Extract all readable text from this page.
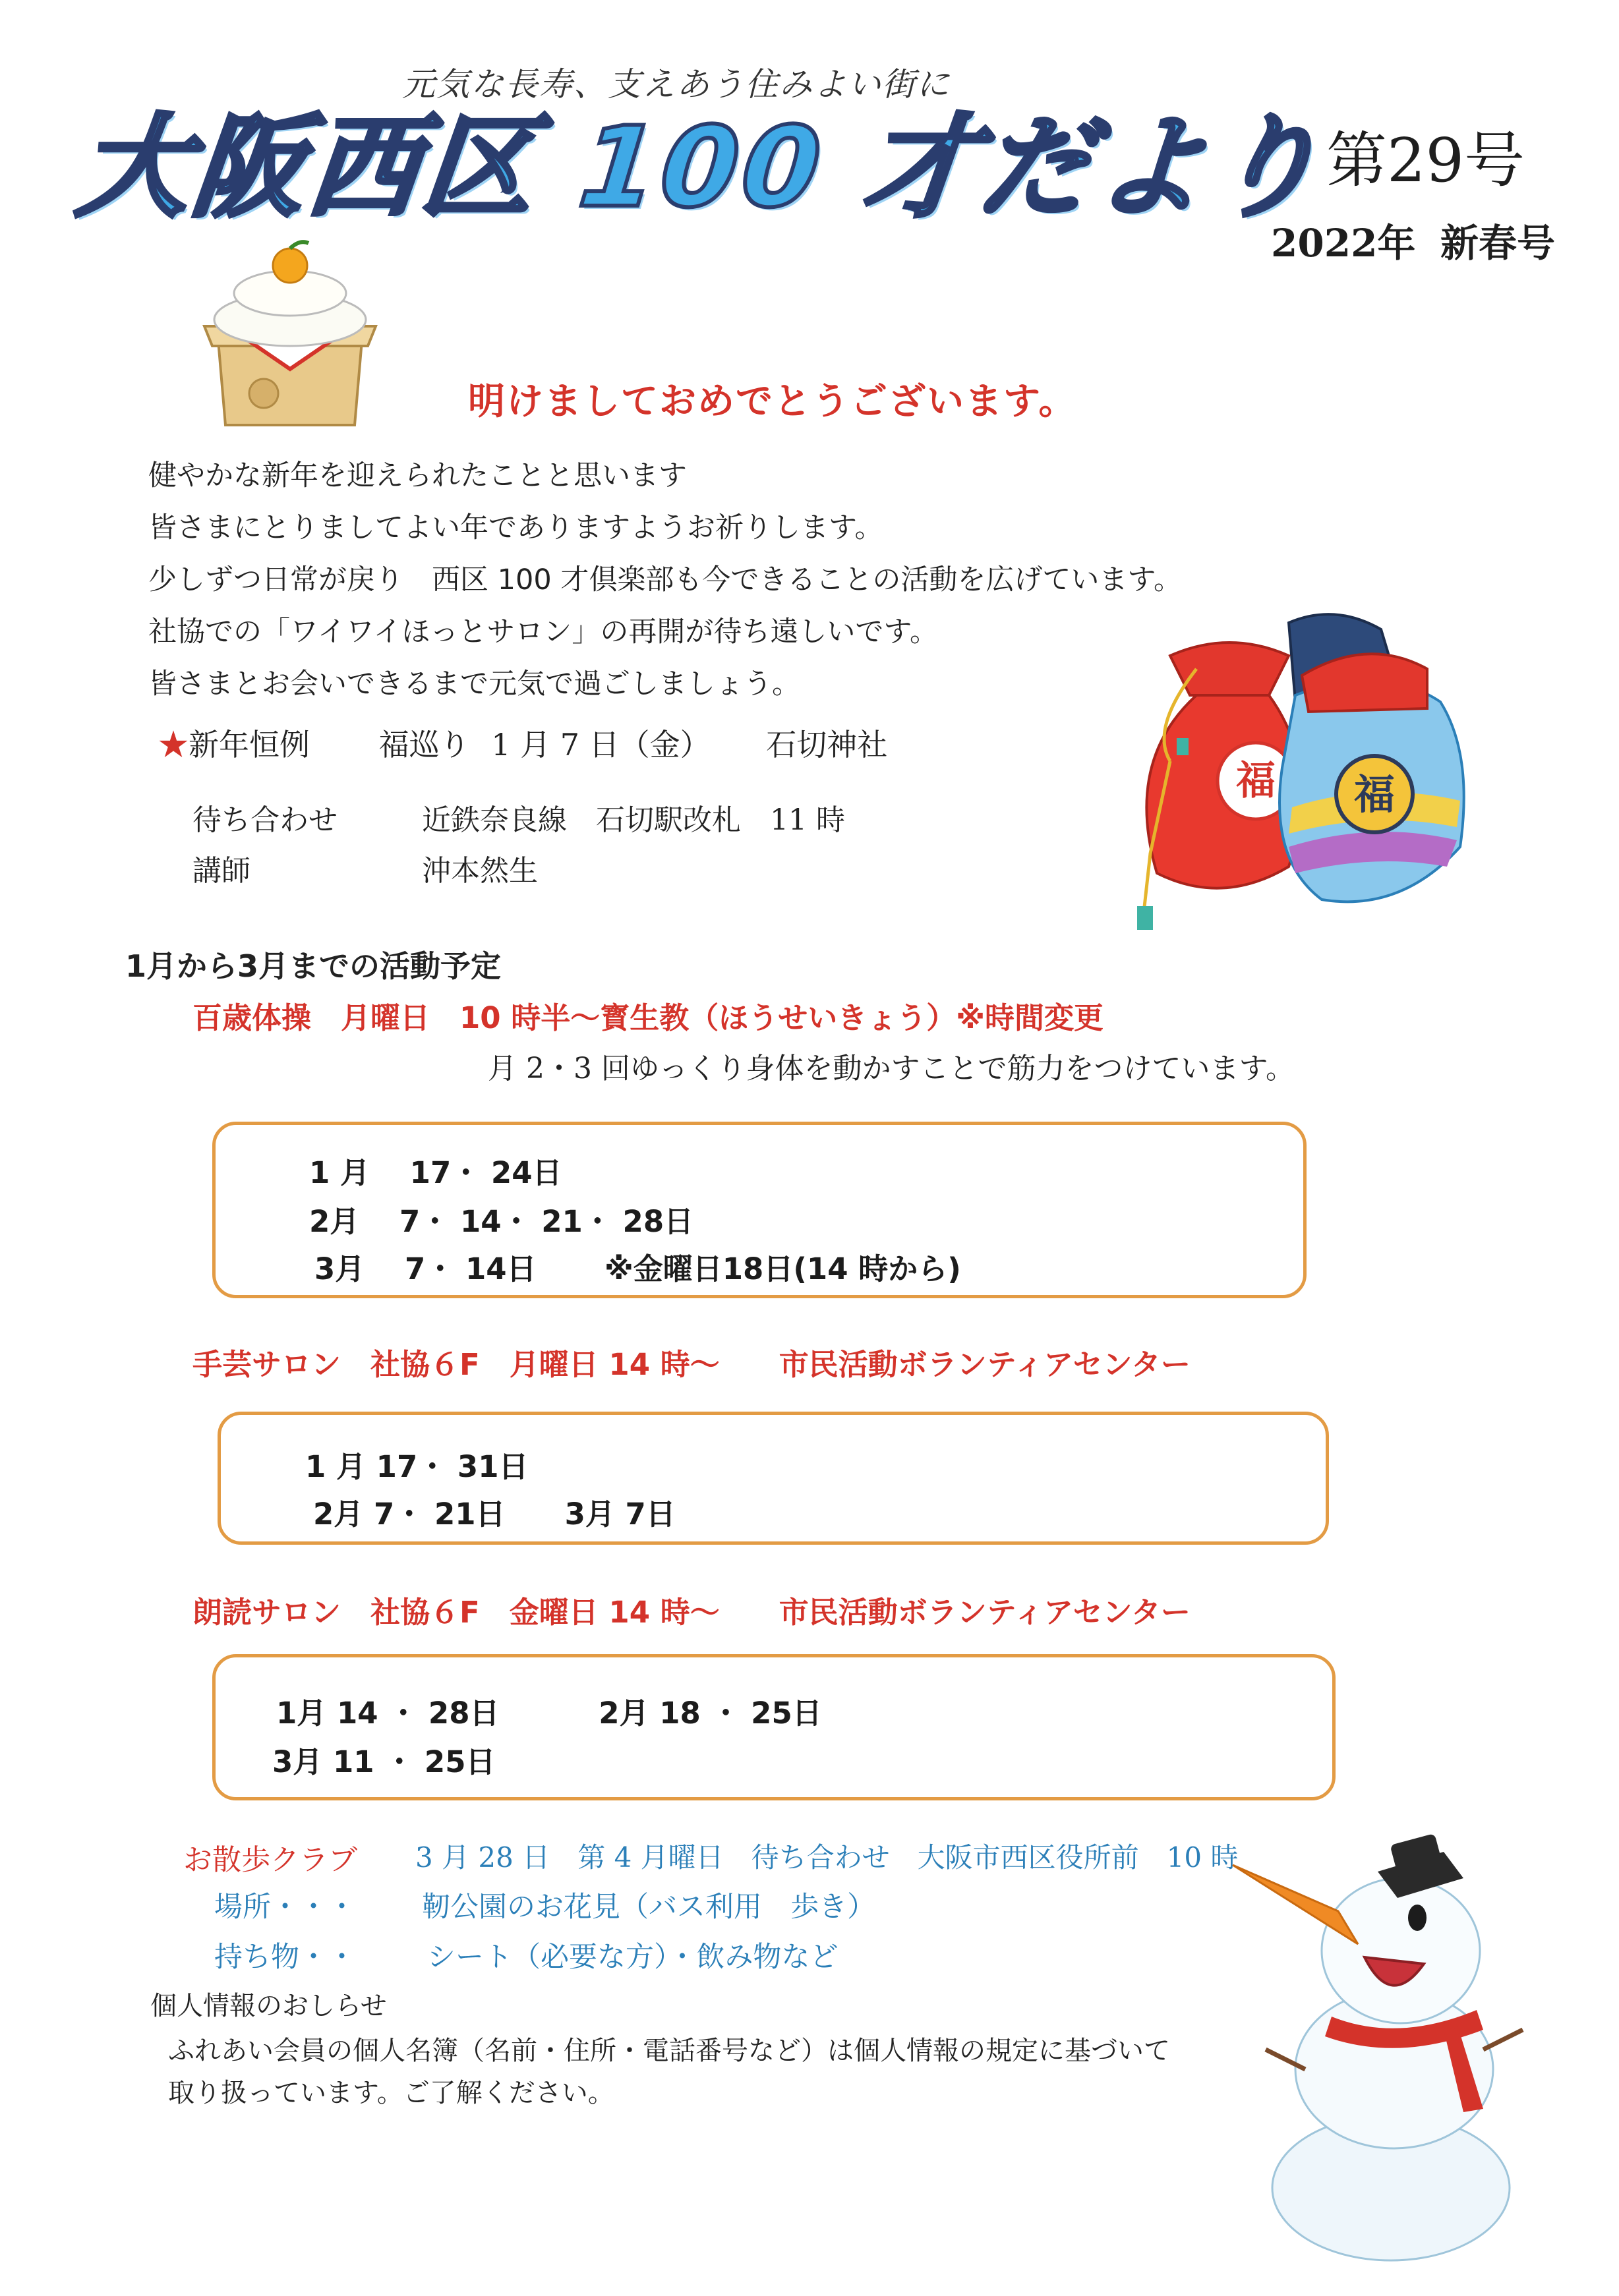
元気な長寿、支えあう住みよい街に
大阪西区 100 才だより
第29号
2022年 新春号
明けましておめでとうございます。
健やかな新年を迎えられたことと思います
皆さまにとりましてよい年でありますようお祈りします。
少しずつ日常が戻り　西区 100 才倶楽部も今できることの活動を広げています。
社協での「ワイワイほっとサロン」の再開が待ち遠しいです。
皆さまとお会いできるまで元気で過ごしましょう。
福 福
★新年恒例 福巡り 1 月 7 日（金） 石切神社
待ち合わせ	近鉄奈良線　石切駅改札　11 時
講師	沖本然生
1月から3月までの活動予定
百歳体操　月曜日　10 時半～寳生教（ほうせいきょう）※時間変更
月 2・3 回ゆっくり身体を動かすことで筋力をつけています。
1 月　 17・ 24日
2月　 7・ 14・ 21・ 28日
3月　 7・ 14日 ※金曜日18日(14 時から)
手芸サロン　社協６F　月曜日 14 時～　　市民活動ボランティアセンター
1 月 17・ 31日
2月 7・ 21日　　3月 7日
朗読サロン　社協６F　金曜日 14 時～　　市民活動ボランティアセンター
1月 14 ・ 28日　　　 2月 18 ・ 25日
3月 11 ・ 25日
お散歩クラブ 3 月 28 日　第 4 月曜日　待ち合わせ　大阪市西区役所前　10 時
場所・・・ 靭公園のお花見（バス利用　歩き）
持ち物・・	シート（必要な方）・飲み物など
個人情報のおしらせ
ふれあい会員の個人名簿（名前・住所・電話番号など）は個人情報の規定に基づいて
取り扱っています。ご了解ください。
